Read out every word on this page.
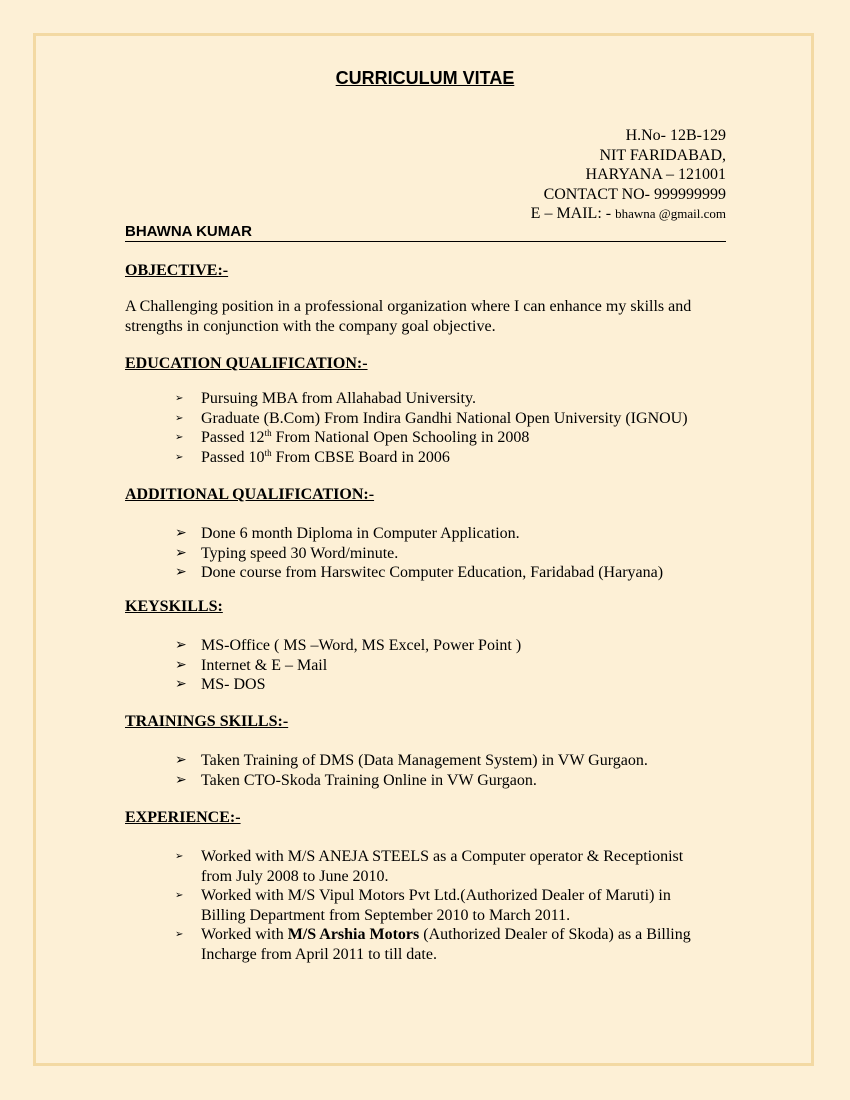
CURRICULUM VITAE
H.No- 12B-129
NIT FARIDABAD,
HARYANA – 121001
CONTACT NO- 999999999
E – MAIL: - bhawna @gmail.com
BHAWNA KUMAR
OBJECTIVE:-
A Challenging position in a professional organization where I can enhance my skills and strengths in conjunction with the company goal objective.
EDUCATION QUALIFICATION:-
➢ Pursuing MBA from Allahabad University.
➢ Graduate (B.Com) From Indira Gandhi National Open University (IGNOU)
➢ Passed 12th From National Open Schooling in 2008
➢ Passed 10th From CBSE Board in 2006
ADDITIONAL QUALIFICATION:-
➢ Done 6 month Diploma in Computer Application.
➢ Typing speed 30 Word/minute.
➢ Done course from Harswitec Computer Education, Faridabad (Haryana)
KEYSKILLS:
➢ MS-Office ( MS –Word, MS Excel, Power Point )
➢ Internet & E – Mail
➢ MS- DOS
TRAININGS SKILLS:-
➢ Taken Training of DMS (Data Management System) in VW Gurgaon.
➢ Taken CTO-Skoda Training Online in VW Gurgaon.
EXPERIENCE:-
➢ Worked with M/S ANEJA STEELS as a Computer operator & Receptionist from July 2008 to June 2010.
➢ Worked with M/S Vipul Motors Pvt Ltd.(Authorized Dealer of Maruti) in Billing Department from September 2010 to March 2011.
➢ Worked with M/S Arshia Motors (Authorized Dealer of Skoda) as a Billing Incharge from April 2011 to till date.
